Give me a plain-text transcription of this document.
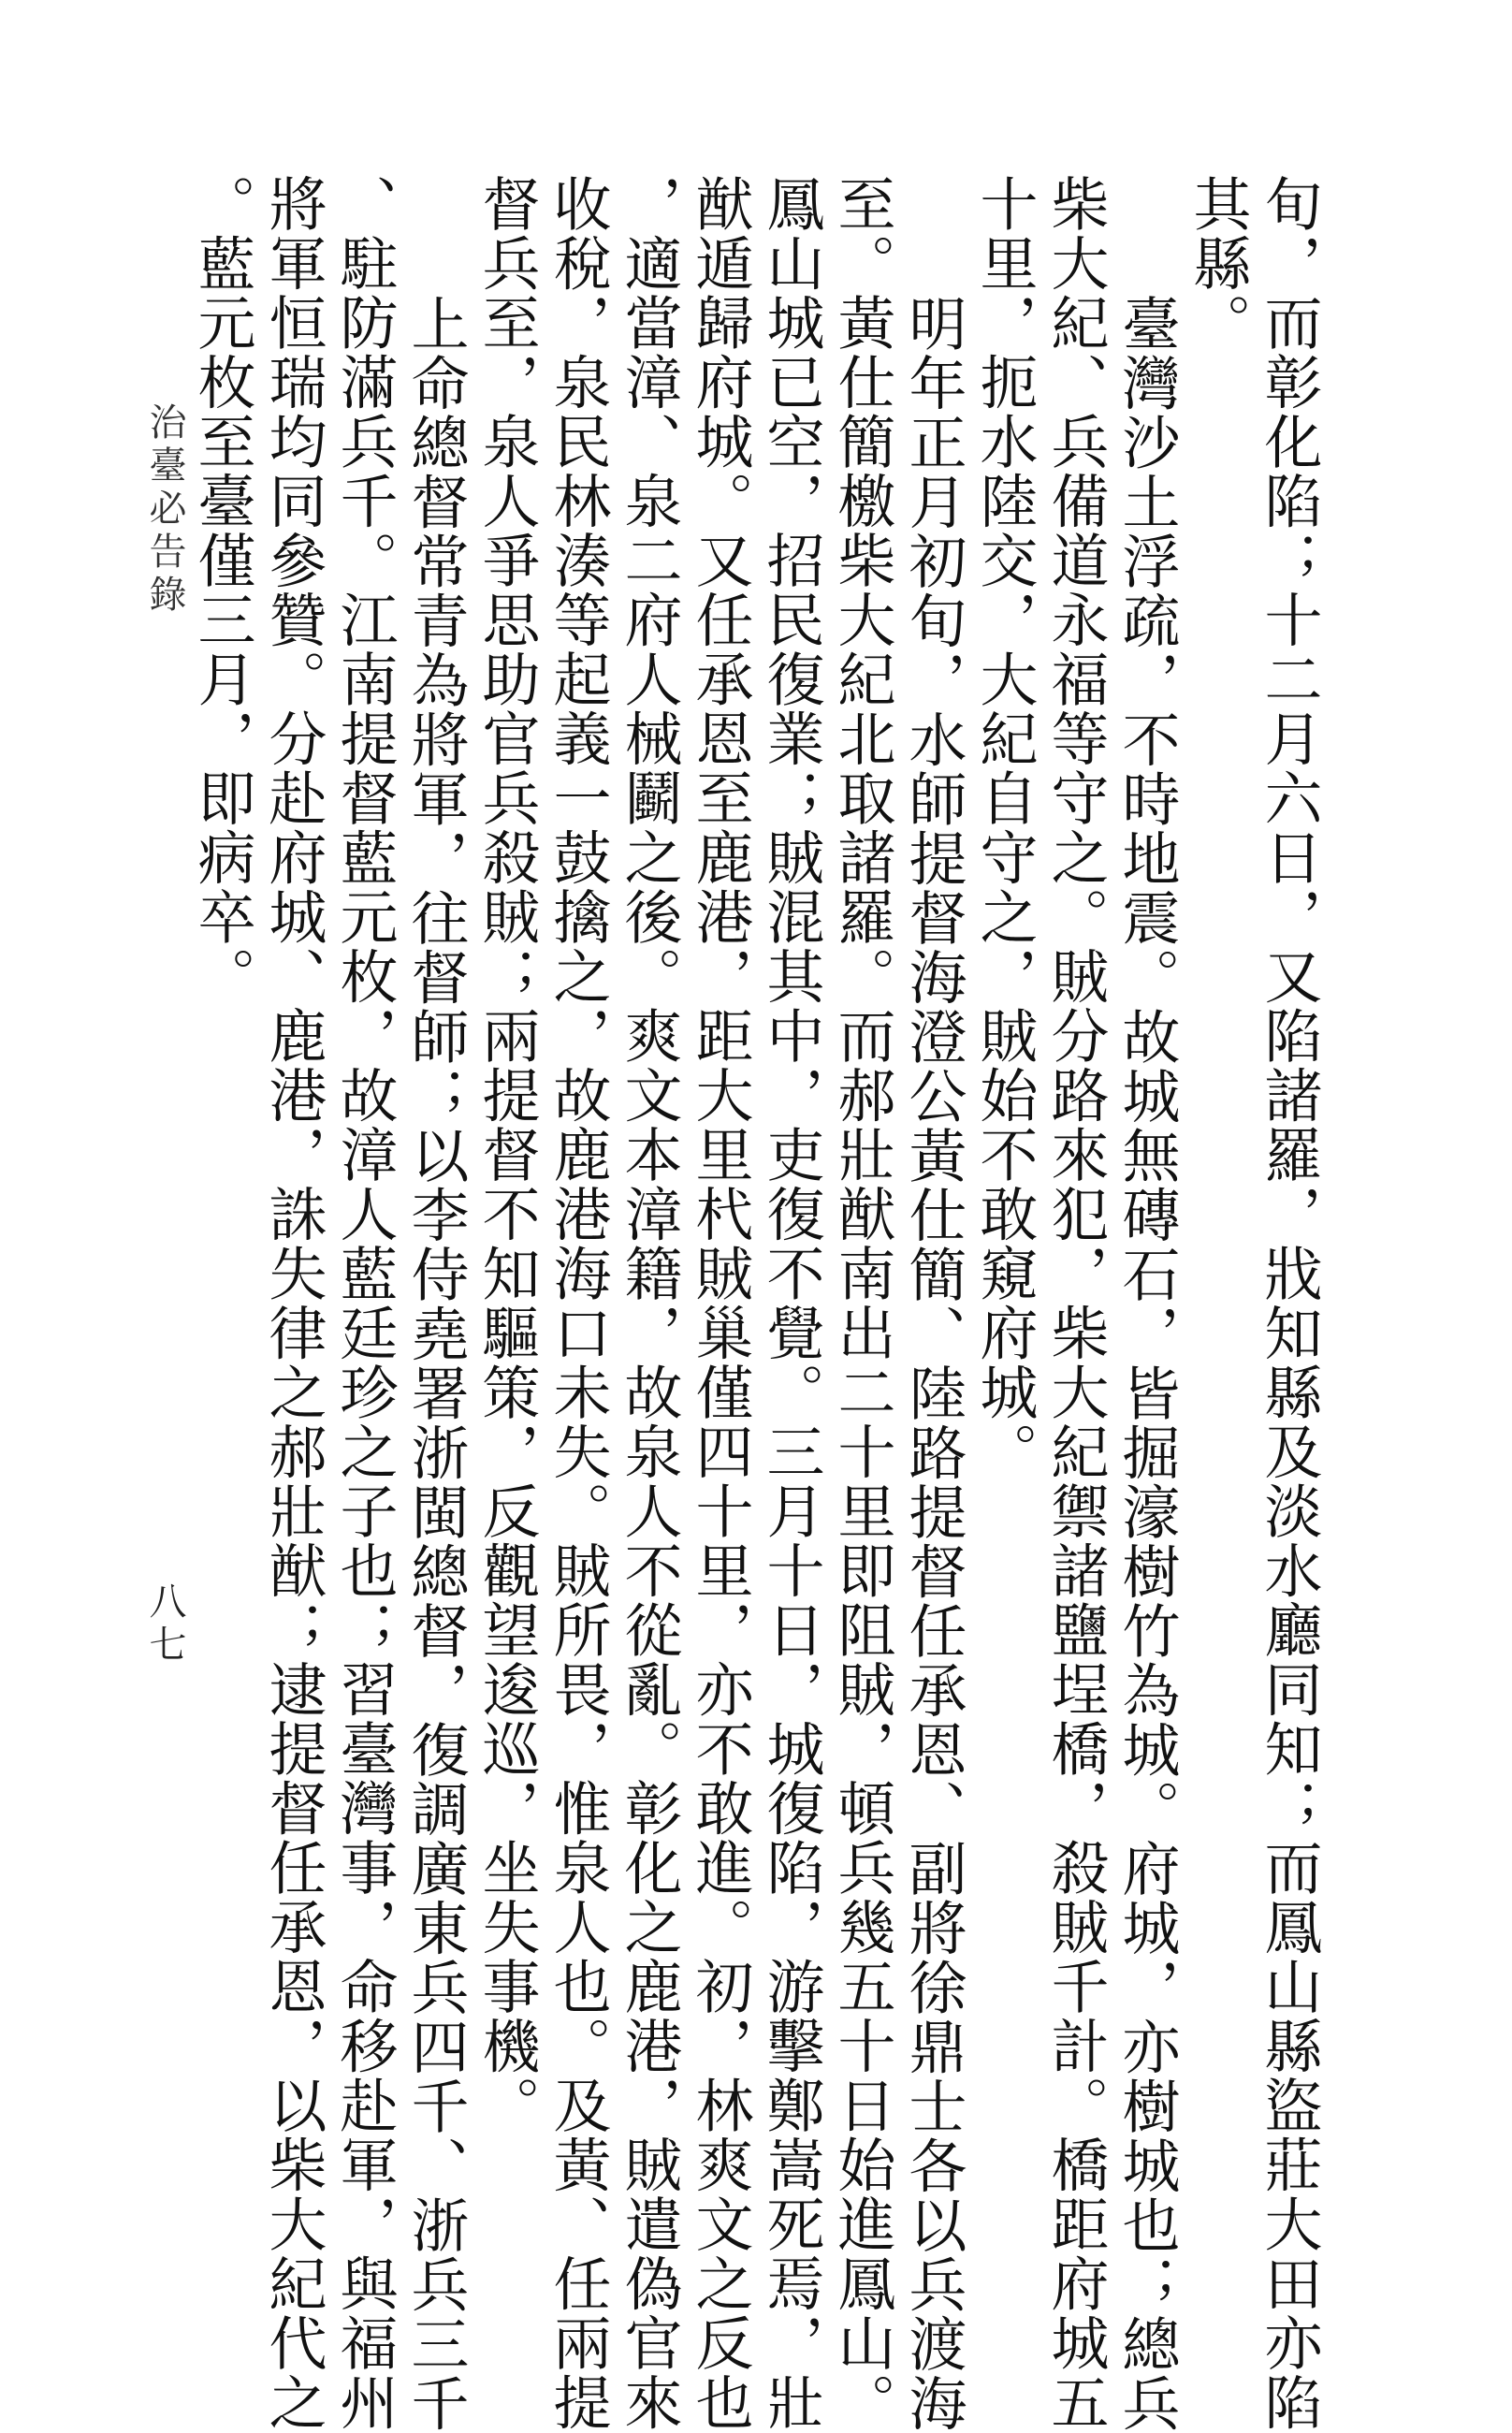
旬，而彰化陷；十二月六日，又陷諸羅，戕知縣及淡水廳同知；而鳳山縣盜莊大田亦陷
其縣。
臺灣沙土浮疏，不時地震。故城無磚石，皆掘濠樹竹為城。府城，亦樹城也；總兵
柴大紀、兵備道永福等守之。賊分路來犯，柴大紀禦諸鹽埕橋，殺賊千計。橋距府城五
十里，扼水陸交，大紀自守之，賊始不敢窺府城。
明年正月初旬，水師提督海澄公黃仕簡、陸路提督任承恩、副將徐鼎士各以兵渡海
至。黃仕簡檄柴大紀北取諸羅。而郝壯猷南出二十里即阻賊，頓兵幾五十日始進鳳山。
鳳山城已空，招民復業；賊混其中，吏復不覺。三月十日，城復陷，游擊鄭嵩死焉，壯
猷遁歸府城。又任承恩至鹿港，距大里杙賊巢僅四十里，亦不敢進。初，林爽文之反也
，適當漳、泉二府人械鬬之後。爽文本漳籍，故泉人不從亂。彰化之鹿港，賊遣偽官來
收稅，泉民林湊等起義一鼓擒之，故鹿港海口未失。賊所畏，惟泉人也。及黃、任兩提
督兵至，泉人爭思助官兵殺賊；兩提督不知驅策，反觀望逡巡，坐失事機。
上命總督常青為將軍，往督師；以李侍堯署浙閩總督，復調廣東兵四千、浙兵三千
、駐防滿兵千。江南提督藍元枚，故漳人藍廷珍之子也；習臺灣事，命移赴軍，與福州
將軍恒瑞均同參贊。分赴府城、鹿港，誅失律之郝壯猷；逮提督任承恩，以柴大紀代之
。藍元枚至臺僅三月，即病卒。
治臺必告錄
八七
